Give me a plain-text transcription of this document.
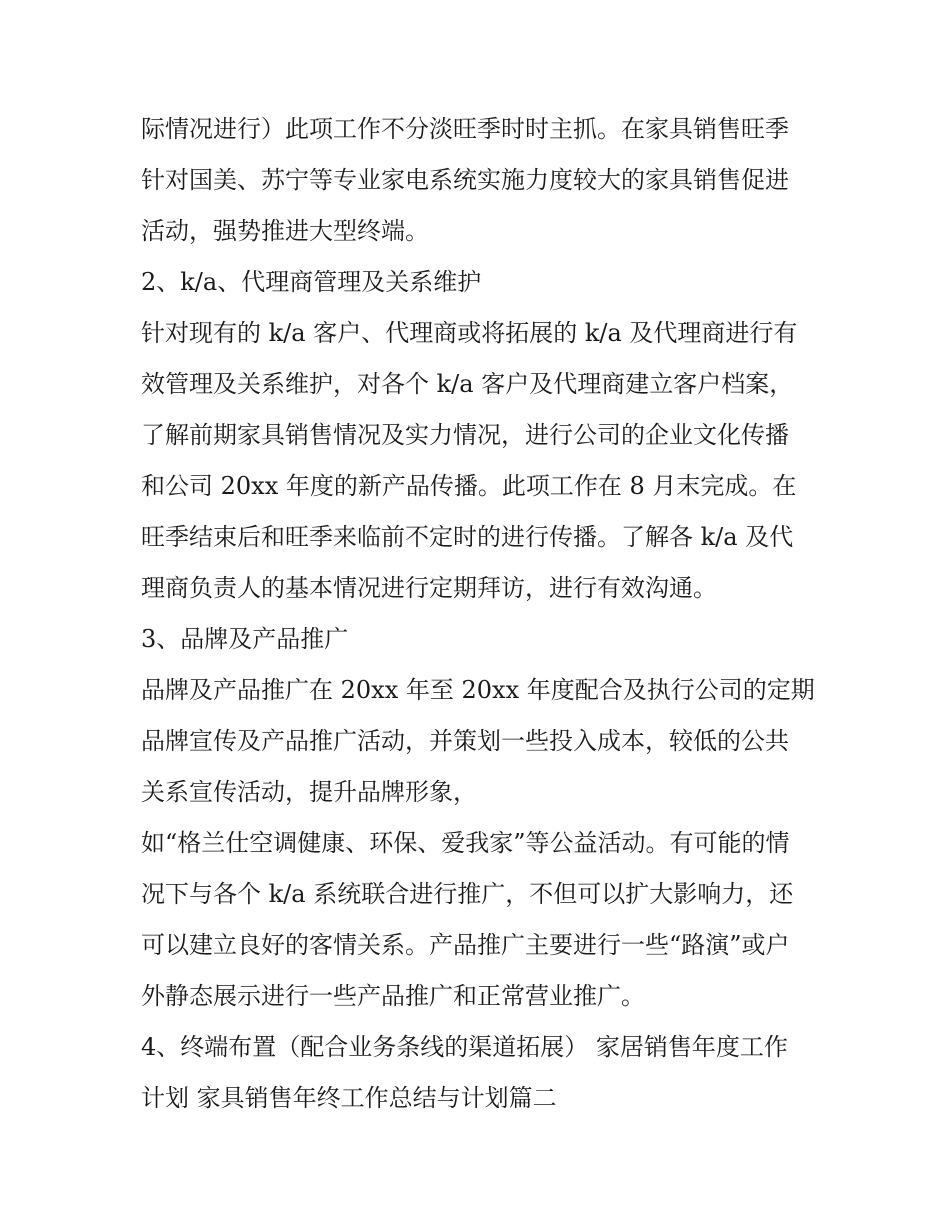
际情况进行）此项工作不分淡旺季时时主抓。在家具销售旺季
针对国美、苏宁等专业家电系统实施力度较大的家具销售促进
活动，强势推进大型终端。
2、k/a、代理商管理及关系维护
针对现有的 k/a 客户、代理商或将拓展的 k/a 及代理商进行有
效管理及关系维护，对各个 k/a 客户及代理商建立客户档案，
了解前期家具销售情况及实力情况，进行公司的企业文化传播
和公司 20xx 年度的新产品传播。此项工作在 8 月末完成。在
旺季结束后和旺季来临前不定时的进行传播。了解各 k/a 及代
理商负责人的基本情况进行定期拜访，进行有效沟通。
3、品牌及产品推广
品牌及产品推广在 20xx 年至 20xx 年度配合及执行公司的定期
品牌宣传及产品推广活动，并策划一些投入成本，较低的公共
关系宣传活动，提升品牌形象，
如“格兰仕空调健康、环保、爱我家”等公益活动。有可能的情
况下与各个 k/a 系统联合进行推广，不但可以扩大影响力，还
可以建立良好的客情关系。产品推广主要进行一些“路演”或户
外静态展示进行一些产品推广和正常营业推广。
4、终端布置（配合业务条线的渠道拓展） 家居销售年度工作
计划 家具销售年终工作总结与计划篇二
